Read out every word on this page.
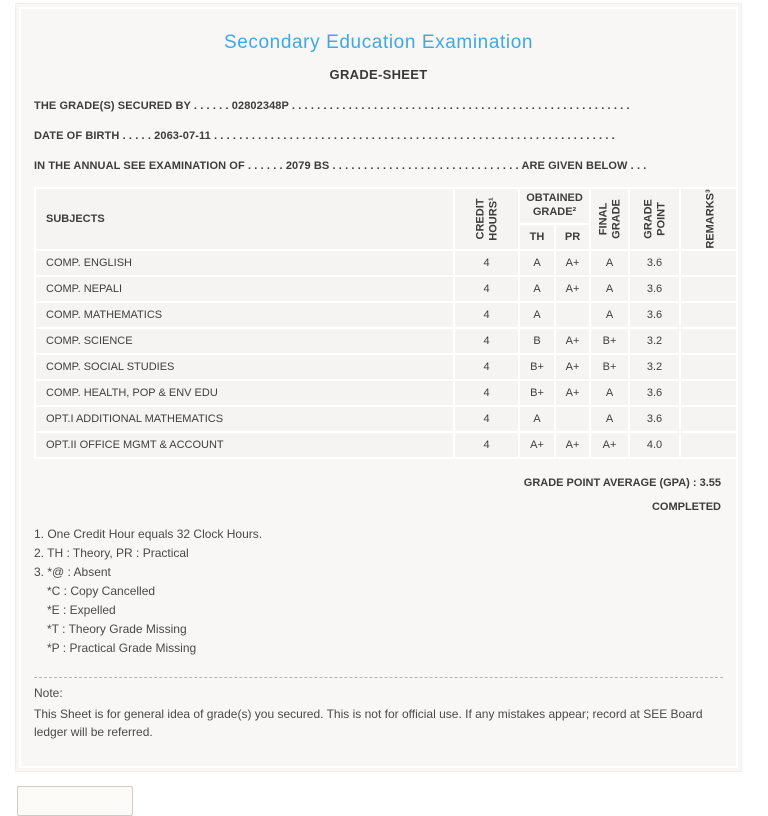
Secondary Education Examination
GRADE-SHEET
THE GRADE(S) SECURED BY . . . . . . 02802348P . . . . . . . . . . . . . . . . . . . . . . . . . . . . . . . . . . . . . . . . . . . . . . . . . . . . . .
DATE OF BIRTH . . . . . 2063-07-11 . . . . . . . . . . . . . . . . . . . . . . . . . . . . . . . . . . . . . . . . . . . . . . . . . . . . . . . . . . . . . . . .
IN THE ANNUAL SEE EXAMINATION OF . . . . . . 2079 BS . . . . . . . . . . . . . . . . . . . . . . . . . . . . . . ARE GIVEN BELOW . . .
SUBJECTS	CREDIT HOURS¹	OBTAINED GRADE²		FINAL GRADE	GRADE POINT	REMARKS³

		TH	PR			
COMP. ENGLISH	4	A	A+	A	3.6	
COMP. NEPALI	4	A	A+	A	3.6	
COMP. MATHEMATICS	4	A		A	3.6	
COMP. SCIENCE	4	B	A+	B+	3.2	
COMP. SOCIAL STUDIES	4	B+	A+	B+	3.2	
COMP. HEALTH, POP & ENV EDU	4	B+	A+	A	3.6	
OPT.I ADDITIONAL MATHEMATICS	4	A		A	3.6	
OPT.II OFFICE MGMT & ACCOUNT	4	A+	A+	A+	4.0	
GRADE POINT AVERAGE (GPA) : 3.55
COMPLETED
1. One Credit Hour equals 32 Clock Hours.
2. TH : Theory, PR : Practical
3. *@ : Absent
*C : Copy Cancelled
*E : Expelled
*T : Theory Grade Missing
*P : Practical Grade Missing
Note:
This Sheet is for general idea of grade(s) you secured. This is not for official use. If any mistakes appear; record at SEE Board ledger will be referred.
